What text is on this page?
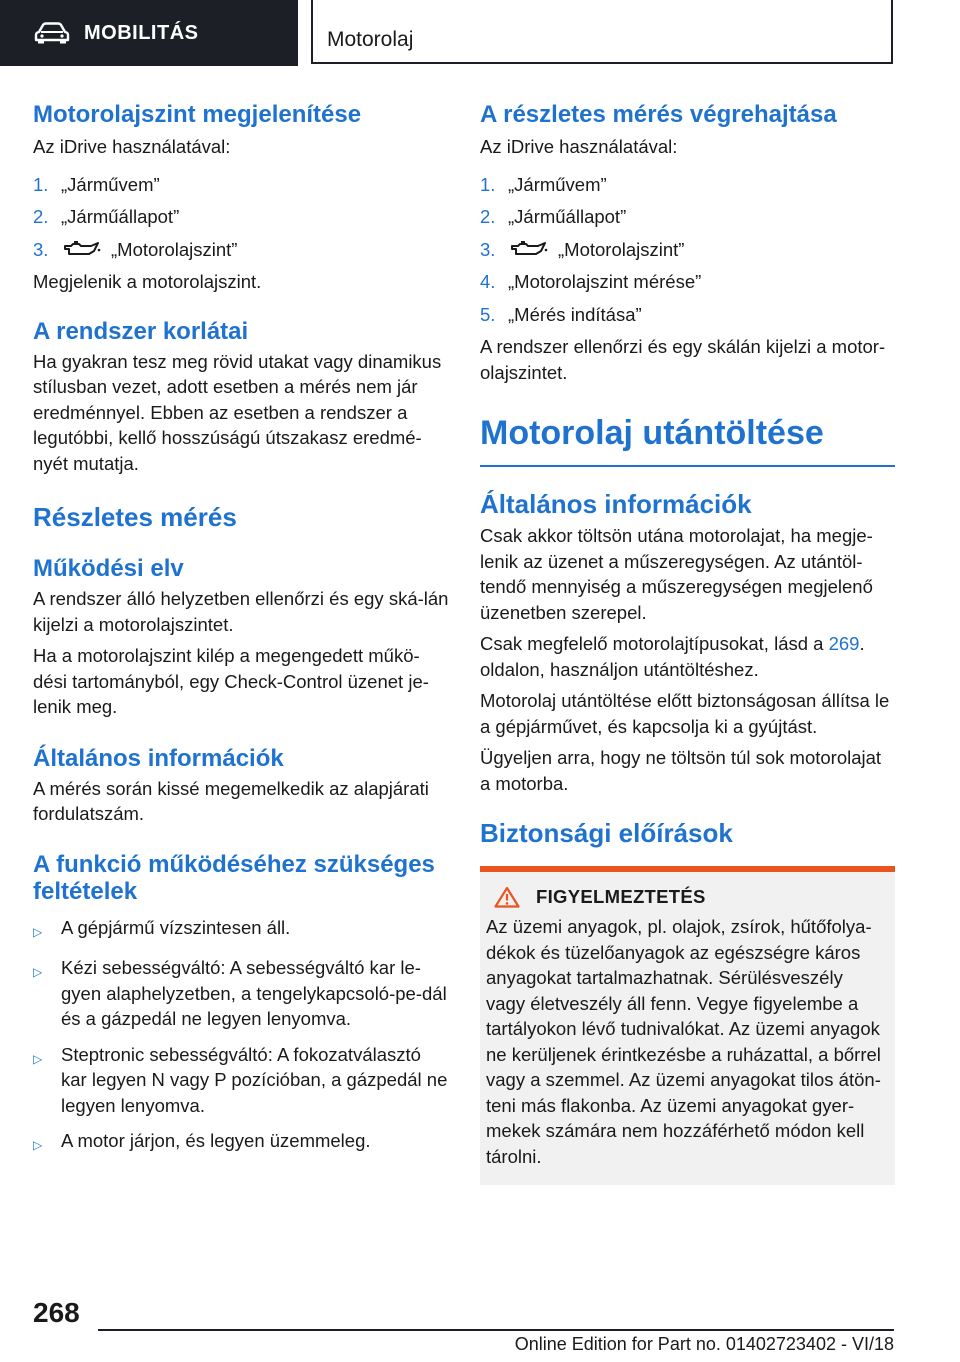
MOBILITÁS	Motorolaj
Motorolajszint megjelenítése

Az iDrive használatával:

1. „Járművem”
2. „Járműállapot”
3.	„Motorolajszint”

Megjelenik a motorolajszint.

A rendszer korlátai

Ha gyakran tesz meg rövid utakat vagy dinamikus stílusban vezet, adott esetben a mérés nem jár eredménnyel. Ebben az esetben a rendszer a legutóbbi, kellő hosszúságú útszakasz eredmé-nyét mutatja.

Részletes mérés
Működési elv

A rendszer álló helyzetben ellenőrzi és egy ská-lán kijelzi a motorolajszintet.

Ha a motorolajszint kilép a megengedett műkö-dési tartományból, egy Check-Control üzenet je-lenik meg.

Általános információk

A mérés során kissé megemelkedik az alapjárati fordulatszám.

A funkció működéséhez szükséges feltételek
▷	A gépjármű vízszintesen áll.
▷	Kézi sebességváltó: A sebességváltó kar le-gyen alaphelyzetben, a tengelykapcsoló-pe-dál és a gázpedál ne legyen lenyomva.
▷	Steptronic sebességváltó: A fokozatválasztó kar legyen N vagy P pozícióban, a gázpedál ne legyen lenyomva.
▷	A motor járjon, és legyen üzemmeleg.
A részletes mérés végrehajtása

Az iDrive használatával:

1. „Járművem”
2. „Járműállapot”
3.	„Motorolajszint”
4. „Motorolajszint mérése”
5. „Mérés indítása”

A rendszer ellenőrzi és egy skálán kijelzi a motor-olajszintet.

Motorolaj utántöltése
Általános információk

Csak akkor töltsön utána motorolajat, ha megje-lenik az üzenet a műszeregységen. Az utántöl-tendő mennyiség a műszeregységen megjelenő üzenetben szerepel.

Csak megfelelő motorolajtípusokat, lásd a 269. oldalon, használjon utántöltéshez.

Motorolaj utántöltése előtt biztonságosan állítsa le a gépjárművet, és kapcsolja ki a gyújtást.

Ügyeljen arra, hogy ne töltsön túl sok motorolajat a motorba.

Biztonsági előírások
FIGYELMEZTETÉS

Az üzemi anyagok, pl. olajok, zsírok, hűtőfolya-dékok és tüzelőanyagok az egészségre káros anyagokat tartalmazhatnak. Sérülésveszély vagy életveszély áll fenn. Vegye figyelembe a tartályokon lévő tudnivalókat. Az üzemi anyagok ne kerüljenek érintkezésbe a ruházattal, a bőrrel vagy a szemmel. Az üzemi anyagokat tilos átön-teni más flakonba. Az üzemi anyagokat gyer-mekek számára nem hozzáférhető módon kell tárolni.

268
Online Edition for Part no. 01402723402 - VI/18
